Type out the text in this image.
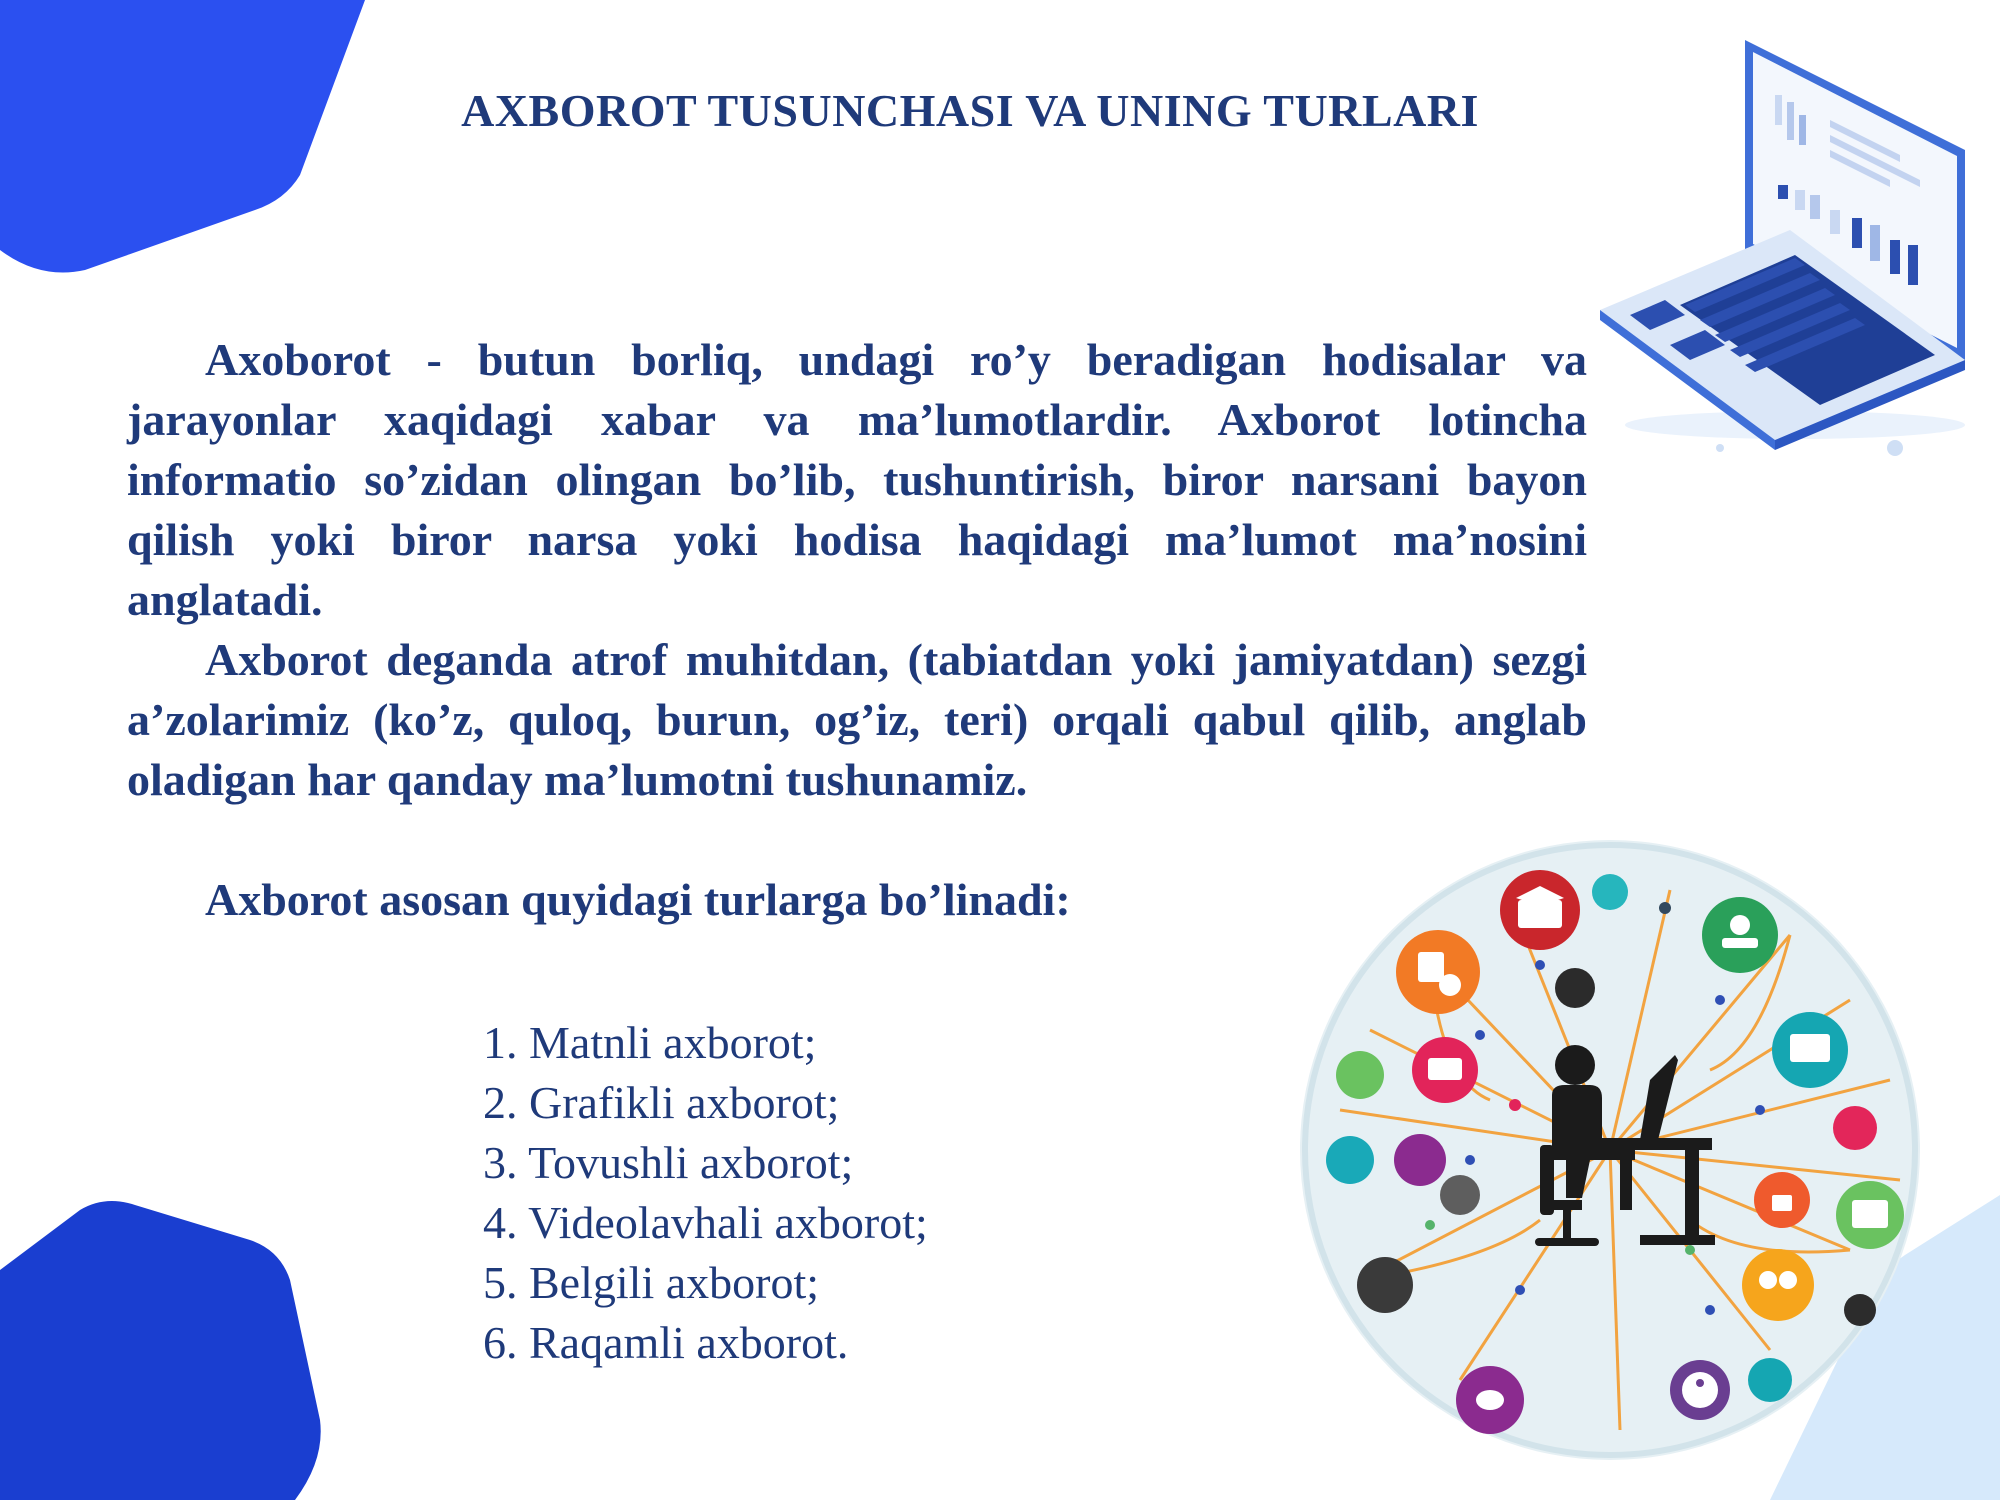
AXBOROT TUSUNCHASI VA UNING TURLARI

Axoborot - butun borliq, undagi ro’y beradigan hodisalar va jarayonlar xaqidagi xabar va ma’lumotlardir. Axborot lotincha informatio so’zidan olingan bo’lib, tushuntirish, biror narsani bayon qilish yoki biror narsa yoki hodisa haqidagi ma’lumot ma’nosini anglatadi.

Axborot deganda atrof muhitdan, (tabiatdan yoki jamiyatdan) sezgi a’zolarimiz (ko’z, quloq, burun, og’iz, teri) orqali qabul qilib, anglab oladigan har qanday ma’lumotni tushunamiz.

Axborot asosan quyidagi turlarga bo’linadi:

1. Matnli axborot;
2. Grafikli axborot;
3. Tovushli axborot;
4. Videolavhali axborot;
5. Belgili axborot;
6. Raqamli axborot.
